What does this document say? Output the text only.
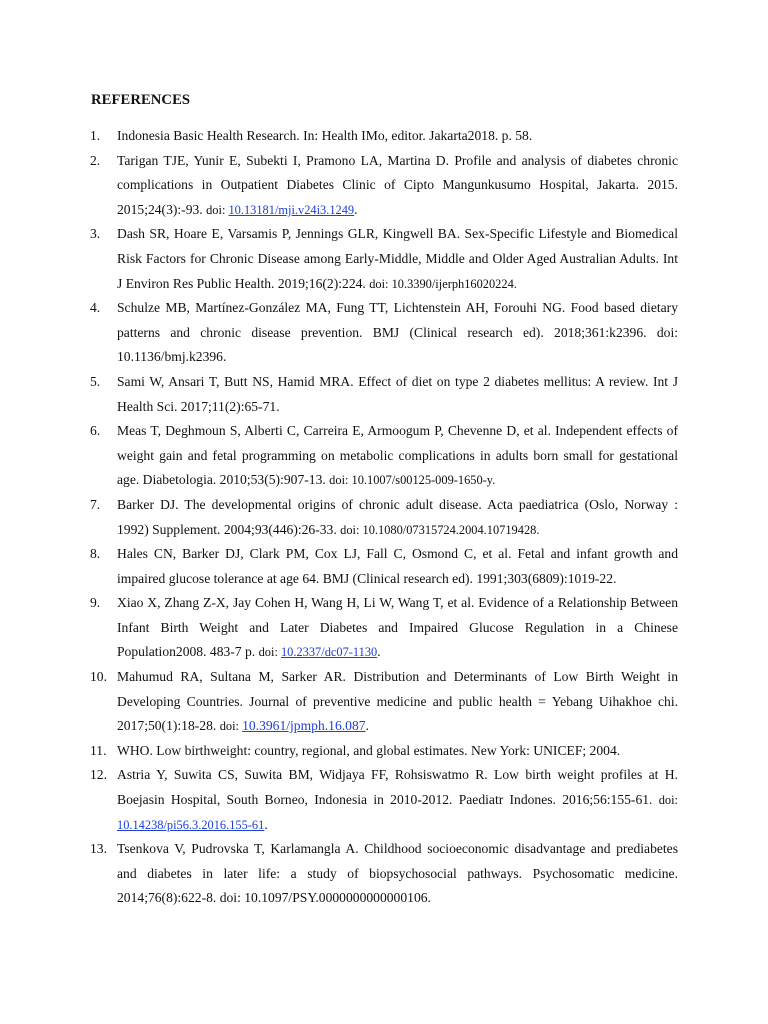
REFERENCES
1. Indonesia Basic Health Research. In: Health IMo, editor. Jakarta2018. p. 58.
2. Tarigan TJE, Yunir E, Subekti I, Pramono LA, Martina D. Profile and analysis of diabetes chronic complications in Outpatient Diabetes Clinic of Cipto Mangunkusumo Hospital, Jakarta. 2015. 2015;24(3):-93. doi: 10.13181/mji.v24i3.1249.
3. Dash SR, Hoare E, Varsamis P, Jennings GLR, Kingwell BA. Sex-Specific Lifestyle and Biomedical Risk Factors for Chronic Disease among Early-Middle, Middle and Older Aged Australian Adults. Int J Environ Res Public Health. 2019;16(2):224. doi: 10.3390/ijerph16020224.
4. Schulze MB, Martínez-González MA, Fung TT, Lichtenstein AH, Forouhi NG. Food based dietary patterns and chronic disease prevention. BMJ (Clinical research ed). 2018;361:k2396. doi: 10.1136/bmj.k2396.
5. Sami W, Ansari T, Butt NS, Hamid MRA. Effect of diet on type 2 diabetes mellitus: A review. Int J Health Sci. 2017;11(2):65-71.
6. Meas T, Deghmoun S, Alberti C, Carreira E, Armoogum P, Chevenne D, et al. Independent effects of weight gain and fetal programming on metabolic complications in adults born small for gestational age. Diabetologia. 2010;53(5):907-13. doi: 10.1007/s00125-009-1650-y.
7. Barker DJ. The developmental origins of chronic adult disease. Acta paediatrica (Oslo, Norway : 1992) Supplement. 2004;93(446):26-33. doi: 10.1080/07315724.2004.10719428.
8. Hales CN, Barker DJ, Clark PM, Cox LJ, Fall C, Osmond C, et al. Fetal and infant growth and impaired glucose tolerance at age 64. BMJ (Clinical research ed). 1991;303(6809):1019-22.
9. Xiao X, Zhang Z-X, Jay Cohen H, Wang H, Li W, Wang T, et al. Evidence of a Relationship Between Infant Birth Weight and Later Diabetes and Impaired Glucose Regulation in a Chinese Population2008. 483-7 p. doi: 10.2337/dc07-1130.
10. Mahumud RA, Sultana M, Sarker AR. Distribution and Determinants of Low Birth Weight in Developing Countries. Journal of preventive medicine and public health = Yebang Uihakhoe chi. 2017;50(1):18-28. doi: 10.3961/jpmph.16.087.
11. WHO. Low birthweight: country, regional, and global estimates. New York: UNICEF; 2004.
12. Astria Y, Suwita CS, Suwita BM, Widjaya FF, Rohsiswatmo R. Low birth weight profiles at H. Boejasin Hospital, South Borneo, Indonesia in 2010-2012. Paediatr Indones. 2016;56:155-61. doi: 10.14238/pi56.3.2016.155-61.
13. Tsenkova V, Pudrovska T, Karlamangla A. Childhood socioeconomic disadvantage and prediabetes and diabetes in later life: a study of biopsychosocial pathways. Psychosomatic medicine. 2014;76(8):622-8. doi: 10.1097/PSY.0000000000000106.
